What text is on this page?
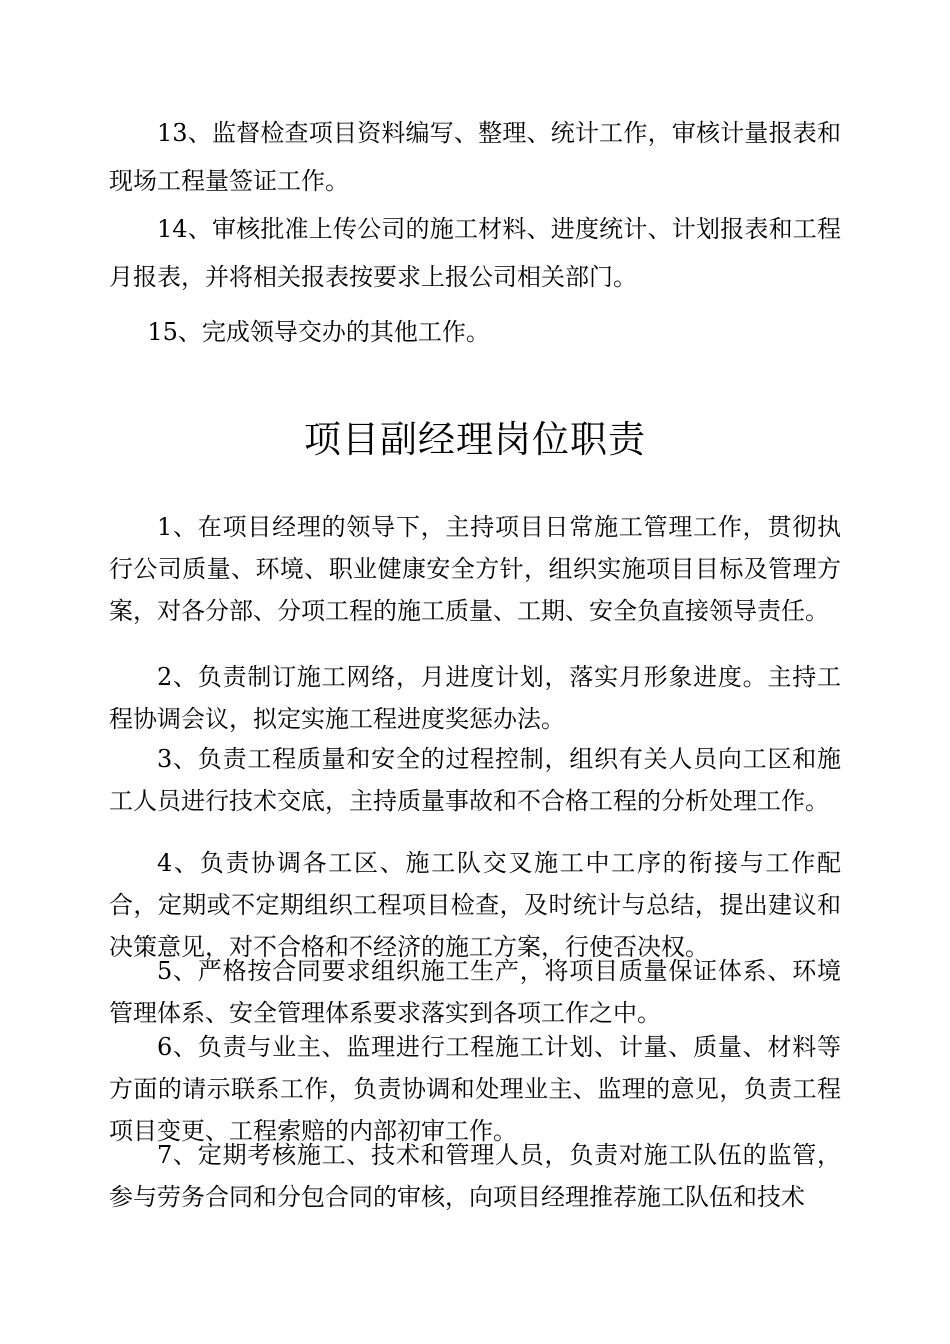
13、监督检查项目资料编写、整理、统计工作，审核计量报表和现场工程量签证工作。

14、审核批准上传公司的施工材料、进度统计、计划报表和工程月报表，并将相关报表按要求上报公司相关部门。

15、完成领导交办的其他工作。

项目副经理岗位职责

1、在项目经理的领导下，主持项目日常施工管理工作，贯彻执行公司质量、环境、职业健康安全方针，组织实施项目目标及管理方案，对各分部、分项工程的施工质量、工期、安全负直接领导责任。

2、负责制订施工网络，月进度计划，落实月形象进度。主持工程协调会议，拟定实施工程进度奖惩办法。

3、负责工程质量和安全的过程控制，组织有关人员向工区和施工人员进行技术交底，主持质量事故和不合格工程的分析处理工作。

4、负责协调各工区、施工队交叉施工中工序的衔接与工作配合，定期或不定期组织工程项目检查，及时统计与总结，提出建议和决策意见，对不合格和不经济的施工方案，行使否决权。

5、严格按合同要求组织施工生产，将项目质量保证体系、环境管理体系、安全管理体系要求落实到各项工作之中。

6、负责与业主、监理进行工程施工计划、计量、质量、材料等方面的请示联系工作，负责协调和处理业主、监理的意见，负责工程项目变更、工程索赔的内部初审工作。

7、定期考核施工、技术和管理人员，负责对施工队伍的监管，参与劳务合同和分包合同的审核，向项目经理推荐施工队伍和技术
